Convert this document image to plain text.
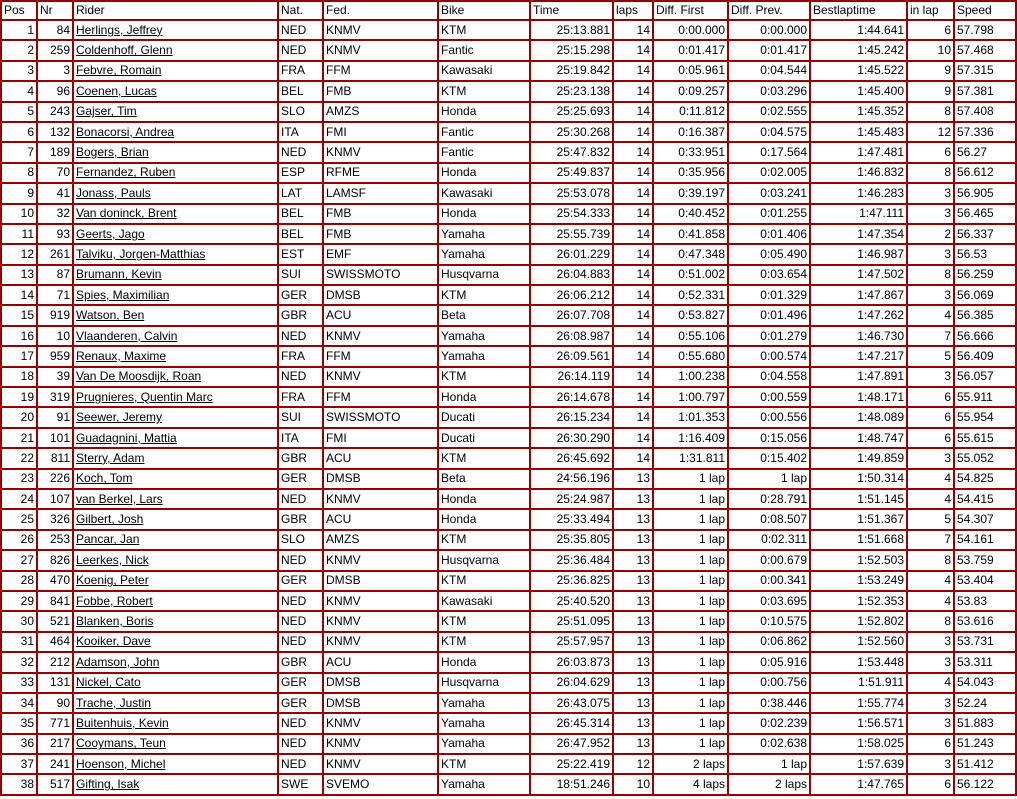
Pos	Nr	Rider	Nat.	Fed.	Bike	Time	laps	Diff. First	Diff. Prev.	Bestlaptime	in lap	Speed
1	84	Herlings, Jeffrey	NED	KNMV	KTM	25:13.881	14	0:00.000	0:00.000	1:44.641	6	57.798
2	259	Coldenhoff, Glenn	NED	KNMV	Fantic	25:15.298	14	0:01.417	0:01.417	1:45.242	10	57.468
3	3	Febvre, Romain	FRA	FFM	Kawasaki	25:19.842	14	0:05.961	0:04.544	1:45.522	9	57.315
4	96	Coenen, Lucas	BEL	FMB	KTM	25:23.138	14	0:09.257	0:03.296	1:45.400	9	57.381
5	243	Gajser, Tim	SLO	AMZS	Honda	25:25.693	14	0:11.812	0:02.555	1:45.352	8	57.408
6	132	Bonacorsi, Andrea	ITA	FMI	Fantic	25:30.268	14	0:16.387	0:04.575	1:45.483	12	57.336
7	189	Bogers, Brian	NED	KNMV	Fantic	25:47.832	14	0:33.951	0:17.564	1:47.481	6	56.27
8	70	Fernandez, Ruben	ESP	RFME	Honda	25:49.837	14	0:35.956	0:02.005	1:46.832	8	56.612
9	41	Jonass, Pauls	LAT	LAMSF	Kawasaki	25:53.078	14	0:39.197	0:03.241	1:46.283	3	56.905
10	32	Van doninck, Brent	BEL	FMB	Honda	25:54.333	14	0:40.452	0:01.255	1:47.111	3	56.465
11	93	Geerts, Jago	BEL	FMB	Yamaha	25:55.739	14	0:41.858	0:01.406	1:47.354	2	56.337
12	261	Talviku, Jorgen-Matthias	EST	EMF	Yamaha	26:01.229	14	0:47.348	0:05.490	1:46.987	3	56.53
13	87	Brumann, Kevin	SUI	SWISSMOTO	Husqvarna	26:04.883	14	0:51.002	0:03.654	1:47.502	8	56.259
14	71	Spies, Maximilian	GER	DMSB	KTM	26:06.212	14	0:52.331	0:01.329	1:47.867	3	56.069
15	919	Watson, Ben	GBR	ACU	Beta	26:07.708	14	0:53.827	0:01.496	1:47.262	4	56.385
16	10	Vlaanderen, Calvin	NED	KNMV	Yamaha	26:08.987	14	0:55.106	0:01.279	1:46.730	7	56.666
17	959	Renaux, Maxime	FRA	FFM	Yamaha	26:09.561	14	0:55.680	0:00.574	1:47.217	5	56.409
18	39	Van De Moosdijk, Roan	NED	KNMV	KTM	26:14.119	14	1:00.238	0:04.558	1:47.891	3	56.057
19	319	Prugnieres, Quentin Marc	FRA	FFM	Honda	26:14.678	14	1:00.797	0:00.559	1:48.171	6	55.911
20	91	Seewer, Jeremy	SUI	SWISSMOTO	Ducati	26:15.234	14	1:01.353	0:00.556	1:48.089	6	55.954
21	101	Guadagnini, Mattia	ITA	FMI	Ducati	26:30.290	14	1:16.409	0:15.056	1:48.747	6	55.615
22	811	Sterry, Adam	GBR	ACU	KTM	26:45.692	14	1:31.811	0:15.402	1:49.859	3	55.052
23	226	Koch, Tom	GER	DMSB	Beta	24:56.196	13	1 lap	1 lap	1:50.314	4	54.825
24	107	van Berkel, Lars	NED	KNMV	Honda	25:24.987	13	1 lap	0:28.791	1:51.145	4	54.415
25	326	Gilbert, Josh	GBR	ACU	Honda	25:33.494	13	1 lap	0:08.507	1:51.367	5	54.307
26	253	Pancar, Jan	SLO	AMZS	KTM	25:35.805	13	1 lap	0:02.311	1:51.668	7	54.161
27	826	Leerkes, Nick	NED	KNMV	Husqvarna	25:36.484	13	1 lap	0:00.679	1:52.503	8	53.759
28	470	Koenig, Peter	GER	DMSB	KTM	25:36.825	13	1 lap	0:00.341	1:53.249	4	53.404
29	841	Fobbe, Robert	NED	KNMV	Kawasaki	25:40.520	13	1 lap	0:03.695	1:52.353	4	53.83
30	521	Blanken, Boris	NED	KNMV	KTM	25:51.095	13	1 lap	0:10.575	1:52.802	8	53.616
31	464	Kooiker, Dave	NED	KNMV	KTM	25:57.957	13	1 lap	0:06.862	1:52.560	3	53.731
32	212	Adamson, John	GBR	ACU	Honda	26:03.873	13	1 lap	0:05.916	1:53.448	3	53.311
33	131	Nickel, Cato	GER	DMSB	Husqvarna	26:04.629	13	1 lap	0:00.756	1:51.911	4	54.043
34	90	Trache, Justin	GER	DMSB	Yamaha	26:43.075	13	1 lap	0:38.446	1:55.774	3	52.24
35	771	Buitenhuis, Kevin	NED	KNMV	Yamaha	26:45.314	13	1 lap	0:02.239	1:56.571	3	51.883
36	217	Cooymans, Teun	NED	KNMV	Yamaha	26:47.952	13	1 lap	0:02.638	1:58.025	6	51.243
37	241	Hoenson, Michel	NED	KNMV	KTM	25:22.419	12	2 laps	1 lap	1:57.639	3	51.412
38	517	Gifting, Isak	SWE	SVEMO	Yamaha	18:51.246	10	4 laps	2 laps	1:47.765	6	56.122
